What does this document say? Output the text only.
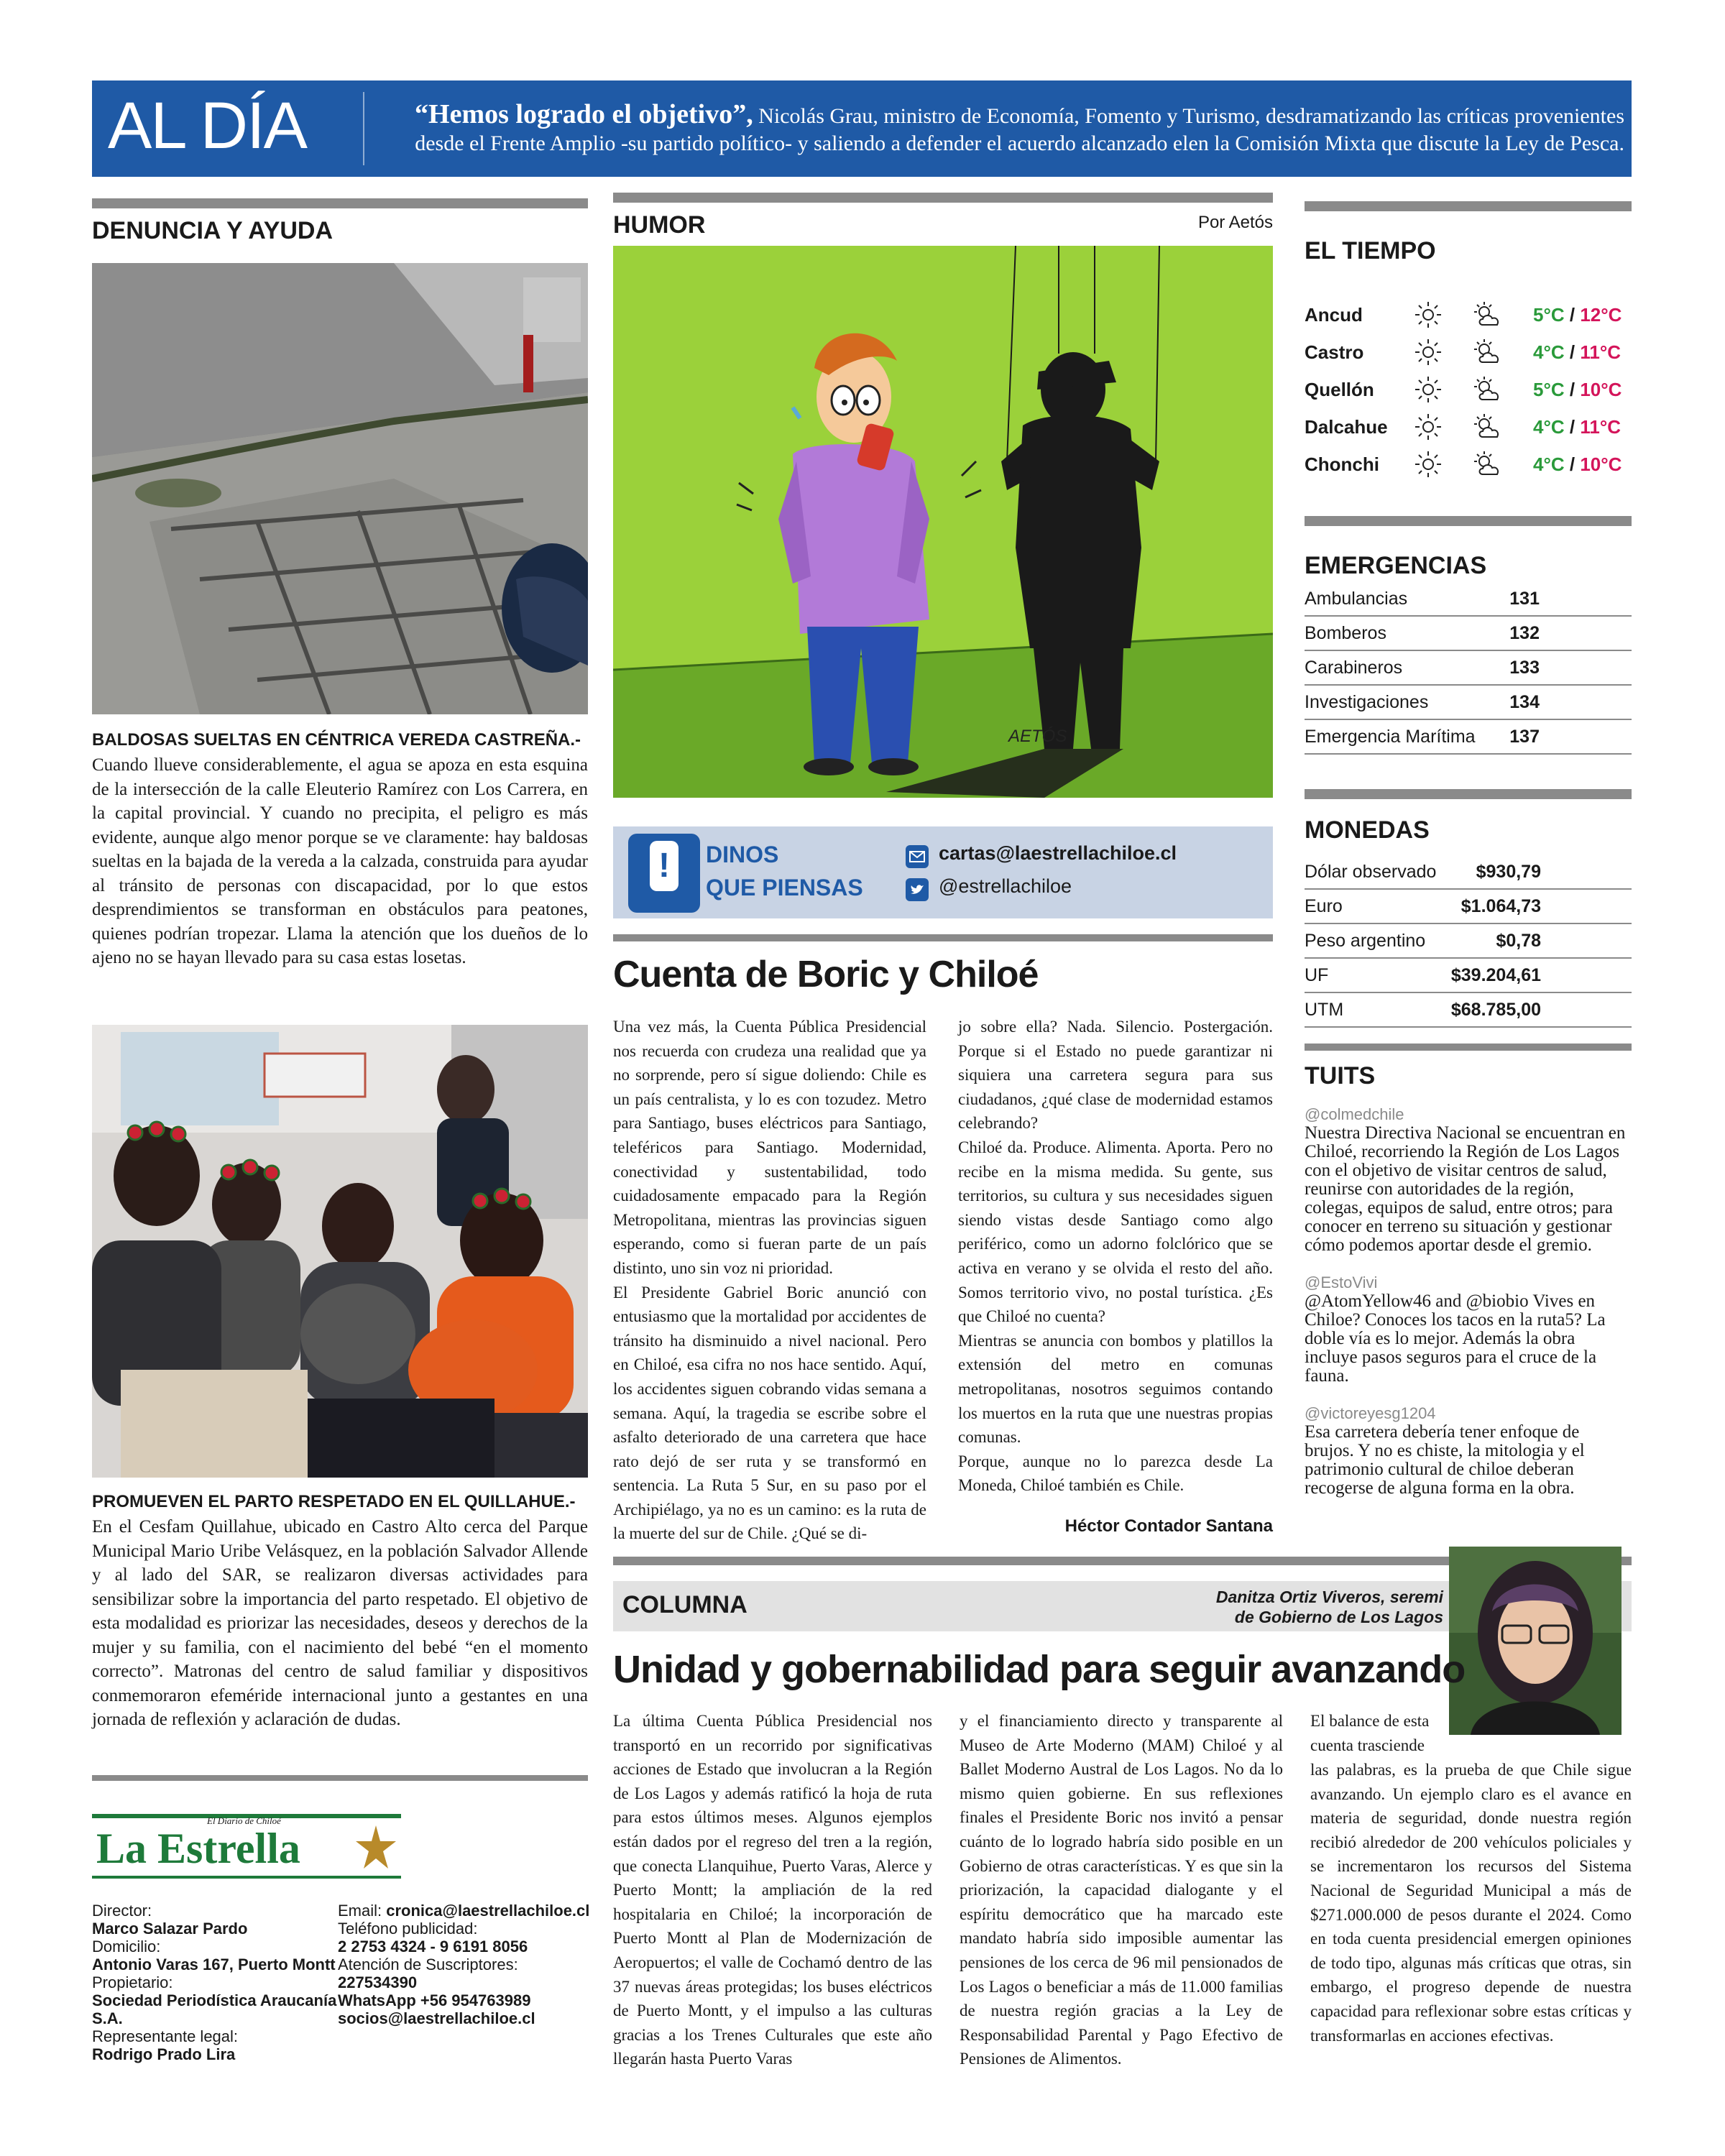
AL DÍA	“Hemos logrado el objetivo”, Nicolás Grau, ministro de Economía, Fomento y Turismo, desdramatizando las críticas provenientes desde el Frente Amplio -su partido político- y saliendo a defender el acuerdo alcanzado elen la Comisión Mixta que discute la Ley de Pesca.
DENUNCIA Y AYUDA
BALDOSAS SUELTAS EN CÉNTRICA VEREDA CASTREÑA.-
Cuando llueve considerablemente, el agua se apoza en esta esquina de la intersección de la calle Eleuterio Ramírez con Los Carrera, en la capital provincial. Y cuando no precipita, el peligro es más evidente, aunque algo menor porque se ve claramente: hay baldosas sueltas en la bajada de la vereda a la calzada, construida para ayudar al tránsito de personas con discapacidad, por lo que estos desprendimientos se transforman en obstáculos para peatones, quienes podrían tropezar. Llama la atención que los dueños de lo ajeno no se hayan llevado para su casa estas losetas.
PROMUEVEN EL PARTO RESPETADO EN EL QUILLAHUE.-
En el Cesfam Quillahue, ubicado en Castro Alto cerca del Parque Municipal Mario Uribe Velásquez, en la población Salvador Allende y al lado del SAR, se realizaron diversas actividades para sensibilizar sobre la importancia del parto respetado. El objetivo de esta modalidad es priorizar las necesidades, deseos y derechos de la mujer y su familia, con el nacimiento del bebé “en el momento correcto”. Matronas del centro de salud familiar y dispositivos conmemoraron efeméride internacional junto a gestantes en una jornada de reflexión y aclaración de dudas.
El Diario de Chiloé
La Estrella
Director:
Marco Salazar Pardo
Domicilio:
Antonio Varas 167, Puerto Montt
Propietario:
Sociedad Periodística Araucanía S.A.
Representante legal:
Rodrigo Prado Lira
Email: cronica@laestrellachiloe.cl
Teléfono publicidad:
2 2753 4324 - 9 6191 8056
Atención de Suscriptores:
227534390
WhatsApp +56 954763989
socios@laestrellachiloe.cl
HUMOR	Por Aetós
AETÓS
! DINOS
QUE PIENSAS
cartas@laestrellachiloe.cl
@estrellachiloe
Cuenta de Boric y Chiloé
Una vez más, la Cuenta Pública Presidencial nos recuerda con crudeza una realidad que ya no sorprende, pero sí sigue doliendo: Chile es un país centralista, y lo es con tozudez. Metro para Santiago, buses eléctricos para Santiago, teleféricos para Santiago. Modernidad, conectividad y sustentabilidad, todo cuidadosamente empacado para la Región Metropolitana, mientras las provincias siguen esperando, como si fueran parte de un país distinto, uno sin voz ni prioridad.
El Presidente Gabriel Boric anunció con entusiasmo que la mortalidad por accidentes de tránsito ha disminuido a nivel nacional. Pero en Chiloé, esa cifra no nos hace sentido. Aquí, los accidentes siguen cobrando vidas semana a semana. Aquí, la tragedia se escribe sobre el asfalto deteriorado de una carretera que hace rato dejó de ser ruta y se transformó en sentencia. La Ruta 5 Sur, en su paso por el Archipiélago, ya no es un camino: es la ruta de la muerte del sur de Chile. ¿Qué se di-
jo sobre ella? Nada. Silencio. Postergación. Porque si el Estado no puede garantizar ni siquiera una carretera segura para sus ciudadanos, ¿qué clase de modernidad estamos celebrando?
Chiloé da. Produce. Alimenta. Aporta. Pero no recibe en la misma medida. Su gente, sus territorios, su cultura y sus necesidades siguen siendo vistas desde Santiago como algo periférico, como un adorno folclórico que se activa en verano y se olvida el resto del año. Somos territorio vivo, no postal turística. ¿Es que Chiloé no cuenta?
Mientras se anuncia con bombos y platillos la extensión del metro en comunas metropolitanas, nosotros seguimos contando los muertos en la ruta que une nuestras propias comunas.
Porque, aunque no lo parezca desde La Moneda, Chiloé también es Chile.
Héctor Contador Santana
EL TIEMPO
Ancud	5°C / 12°C
Castro	4°C / 11°C
Quellón	5°C / 10°C
Dalcahue	4°C / 11°C
Chonchi	4°C / 10°C
EMERGENCIAS
Ambulancias	131
Bomberos	132
Carabineros	133
Investigaciones	134
Emergencia Marítima 137
MONEDAS
Dólar observado $930,79
Euro	$1.064,73
Peso argentino	$0,78
UF	$39.204,61
UTM	$68.785,00
TUITS
@colmedchile
Nuestra Directiva Nacional se encuentran en Chiloé, recorriendo la Región de Los Lagos con el objetivo de visitar centros de salud, reunirse con autoridades de la región, colegas, equipos de salud, entre otros; para conocer en terreno su situación y gestionar cómo podemos aportar desde el gremio.
@EstoVivi
@AtomYellow46 and @biobio Vives en Chiloe? Conoces los tacos en la ruta5? La doble vía es lo mejor. Además la obra incluye pasos seguros para el cruce de la fauna.
@victoreyesg1204
Esa carretera debería tener enfoque de brujos. Y no es chiste, la mitologia y el patrimonio cultural de chiloe deberan recogerse de alguna forma en la obra.
COLUMNA	Danitza Ortiz Viveros, seremi
de Gobierno de Los Lagos
Unidad y gobernabilidad para seguir avanzando
La última Cuenta Pública Presidencial nos transportó en un recorrido por significativas acciones de Estado que involucran a la Región de Los Lagos y además ratificó la hoja de ruta para estos últimos meses. Algunos ejemplos están dados por el regreso del tren a la región, que conecta Llanquihue, Puerto Varas, Alerce y Puerto Montt; la ampliación de la red hospitalaria en Chiloé; la incorporación de Puerto Montt al Plan de Modernización de Aeropuertos; el valle de Cochamó dentro de las 37 nuevas áreas protegidas; los buses eléctricos de Puerto Montt, y el impulso a las culturas gracias a los Trenes Culturales que este año llegarán hasta Puerto Varas
y el financiamiento directo y transparente al Museo de Arte Moderno (MAM) Chiloé y al Ballet Moderno Austral de Los Lagos. No da lo mismo quien gobierne. En sus reflexiones finales el Presidente Boric nos invitó a pensar cuánto de lo logrado habría sido posible en un Gobierno de otras características. Y es que sin la priorización, la capacidad dialogante y el espíritu democrático que ha marcado este mandato habría sido imposible aumentar las pensiones de los cerca de 96 mil pensionados de Los Lagos o beneficiar a más de 11.000 familias de nuestra región gracias a la Ley de Responsabilidad Parental y Pago Efectivo de Pensiones de Alimentos.
El balance de esta cuenta trasciende
las palabras, es la prueba de que Chile sigue avanzando. Un ejemplo claro es el avance en materia de seguridad, donde nuestra región recibió alrededor de 200 vehículos policiales y se incrementaron los recursos del Sistema Nacional de Seguridad Municipal a más de $271.000.000 de pesos durante el 2024. Como en toda cuenta presidencial emergen opiniones de todo tipo, algunas más críticas que otras, sin embargo, el progreso depende de nuestra capacidad para reflexionar sobre estas críticas y transformarlas en acciones efectivas.
